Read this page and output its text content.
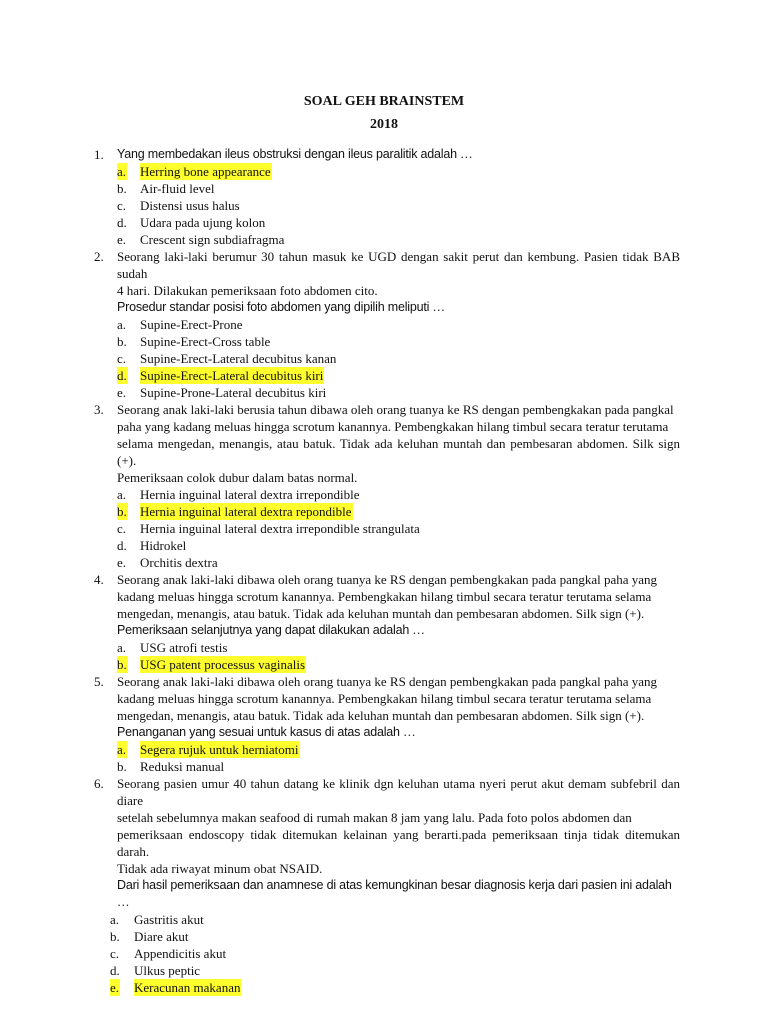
SOAL GEH BRAINSTEM
2018
1. Yang membedakan ileus obstruksi dengan ileus paralitik adalah …
a. Herring bone appearance
b. Air-fluid level
c. Distensi usus halus
d. Udara pada ujung kolon
e. Crescent sign subdiafragma
2. Seorang laki-laki berumur 30 tahun masuk ke UGD dengan sakit perut dan kembung. Pasien tidak BAB sudah
4 hari. Dilakukan pemeriksaan foto abdomen cito.
Prosedur standar posisi foto abdomen yang dipilih meliputi …
a. Supine-Erect-Prone
b. Supine-Erect-Cross table
c. Supine-Erect-Lateral decubitus kanan
d. Supine-Erect-Lateral decubitus kiri
e. Supine-Prone-Lateral decubitus kiri
3. Seorang anak laki-laki berusia tahun dibawa oleh orang tuanya ke RS dengan pembengkakan pada pangkal
paha yang kadang meluas hingga scrotum kanannya. Pembengkakan hilang timbul secara teratur terutama
selama mengedan, menangis, atau batuk. Tidak ada keluhan muntah dan pembesaran abdomen. Silk sign (+).
Pemeriksaan colok dubur dalam batas normal.
a. Hernia inguinal lateral dextra irrepondible
b. Hernia inguinal lateral dextra repondible
c. Hernia inguinal lateral dextra irrepondible strangulata
d. Hidrokel
e. Orchitis dextra
4. Seorang anak laki-laki dibawa oleh orang tuanya ke RS dengan pembengkakan pada pangkal paha yang
kadang meluas hingga scrotum kanannya. Pembengkakan hilang timbul secara teratur terutama selama
mengedan, menangis, atau batuk. Tidak ada keluhan muntah dan pembesaran abdomen. Silk sign (+).
Pemeriksaan selanjutnya yang dapat dilakukan adalah …
a. USG atrofi testis
b. USG patent processus vaginalis
5. Seorang anak laki-laki dibawa oleh orang tuanya ke RS dengan pembengkakan pada pangkal paha yang
kadang meluas hingga scrotum kanannya. Pembengkakan hilang timbul secara teratur terutama selama
mengedan, menangis, atau batuk. Tidak ada keluhan muntah dan pembesaran abdomen. Silk sign (+).
Penanganan yang sesuai untuk kasus di atas adalah …
a. Segera rujuk untuk herniatomi
b. Reduksi manual
6. Seorang pasien umur 40 tahun datang ke klinik dgn keluhan utama nyeri perut akut demam subfebril dan diare
setelah sebelumnya makan seafood di rumah makan 8 jam yang lalu. Pada foto polos abdomen dan
pemeriksaan endoscopy tidak ditemukan kelainan yang berarti.pada pemeriksaan tinja tidak ditemukan darah.
Tidak ada riwayat minum obat NSAID.
Dari hasil pemeriksaan dan anamnese di atas kemungkinan besar diagnosis kerja dari pasien ini adalah …
a. Gastritis akut
b. Diare akut
c. Appendicitis akut
d. Ulkus peptic
e. Keracunan makanan
